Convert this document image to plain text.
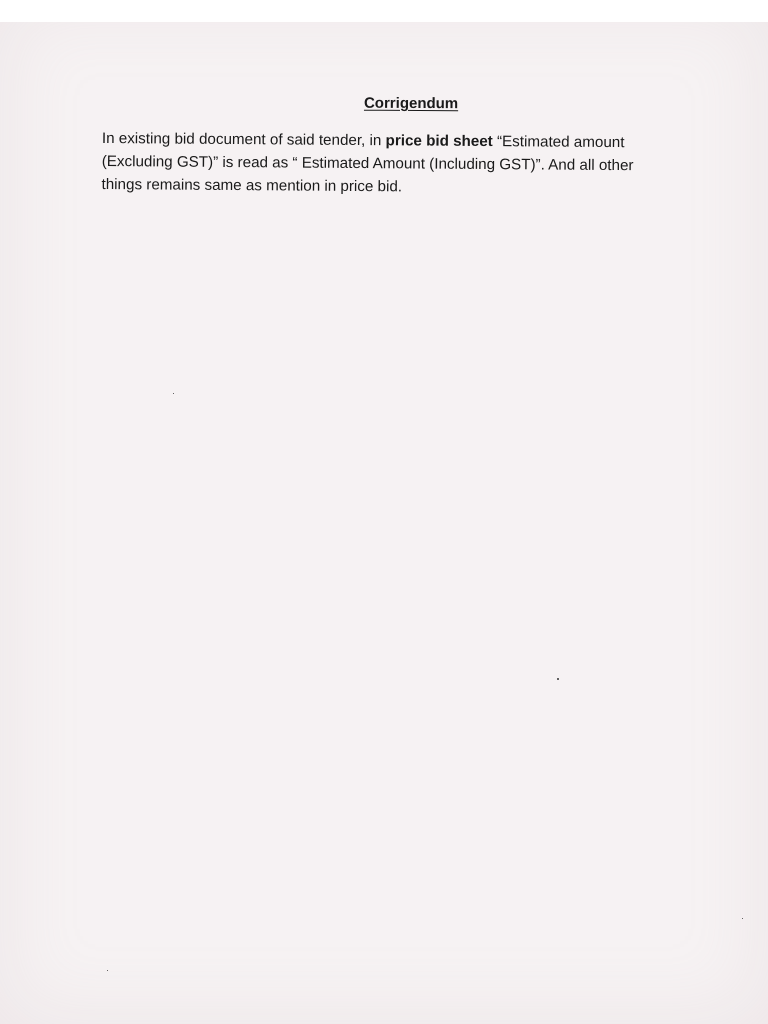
Corrigendum
In existing bid document of said tender, in price bid sheet “Estimated amount
(Excluding GST)” is read as “ Estimated Amount (Including GST)”. And all other
things remains same as mention in price bid.
